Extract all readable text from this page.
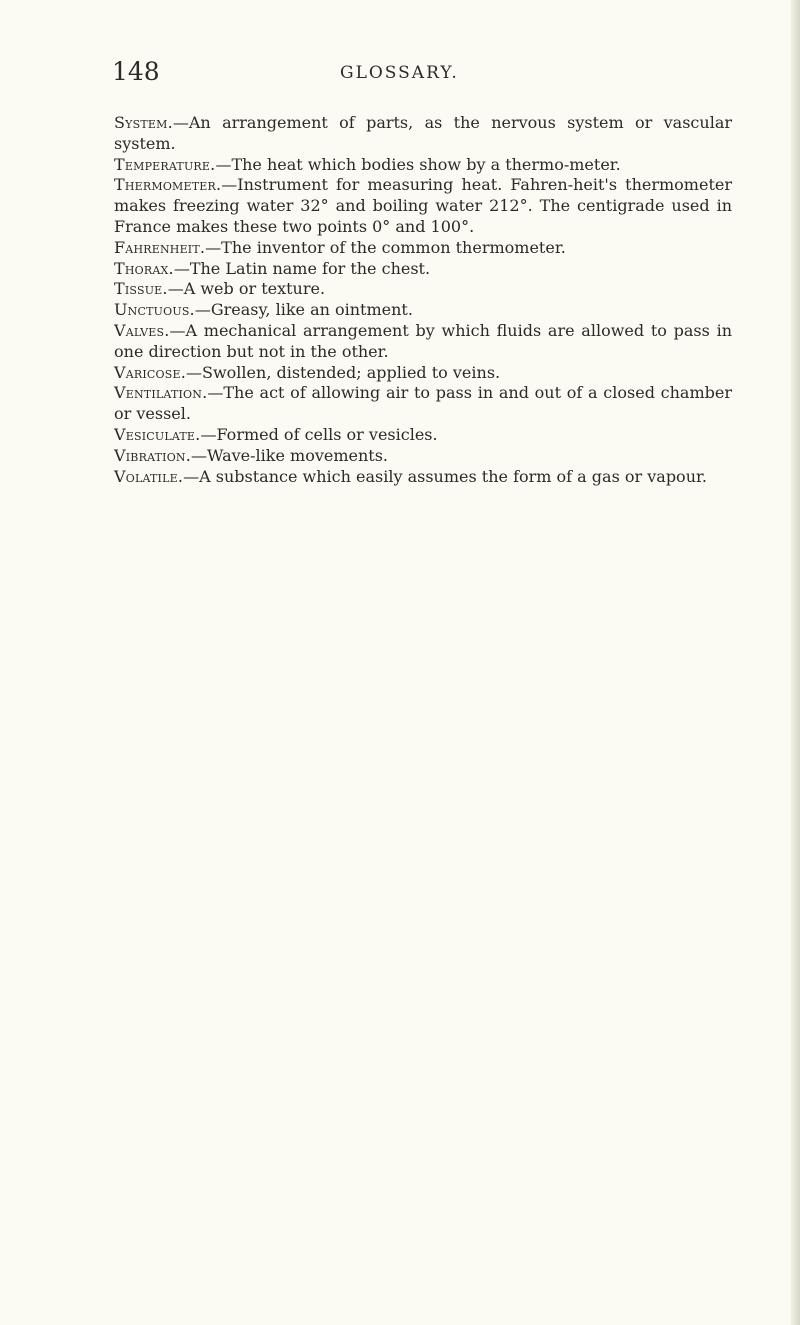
148	GLOSSARY.

System.—An arrangement of parts, as the nervous system or vascular system.

Temperature.—The heat which bodies show by a thermo-meter.

Thermometer.—Instrument for measuring heat. Fahren-heit's thermometer makes freezing water 32° and boiling water 212°. The centigrade used in France makes these two points 0° and 100°.

Fahrenheit.—The inventor of the common thermometer.

Thorax.—The Latin name for the chest.

Tissue.—A web or texture.

Unctuous.—Greasy, like an ointment.

Valves.—A mechanical arrangement by which fluids are allowed to pass in one direction but not in the other.

Varicose.—Swollen, distended; applied to veins.

Ventilation.—The act of allowing air to pass in and out of a closed chamber or vessel.

Vesiculate.—Formed of cells or vesicles.

Vibration.—Wave-like movements.

Volatile.—A substance which easily assumes the form of a gas or vapour.
